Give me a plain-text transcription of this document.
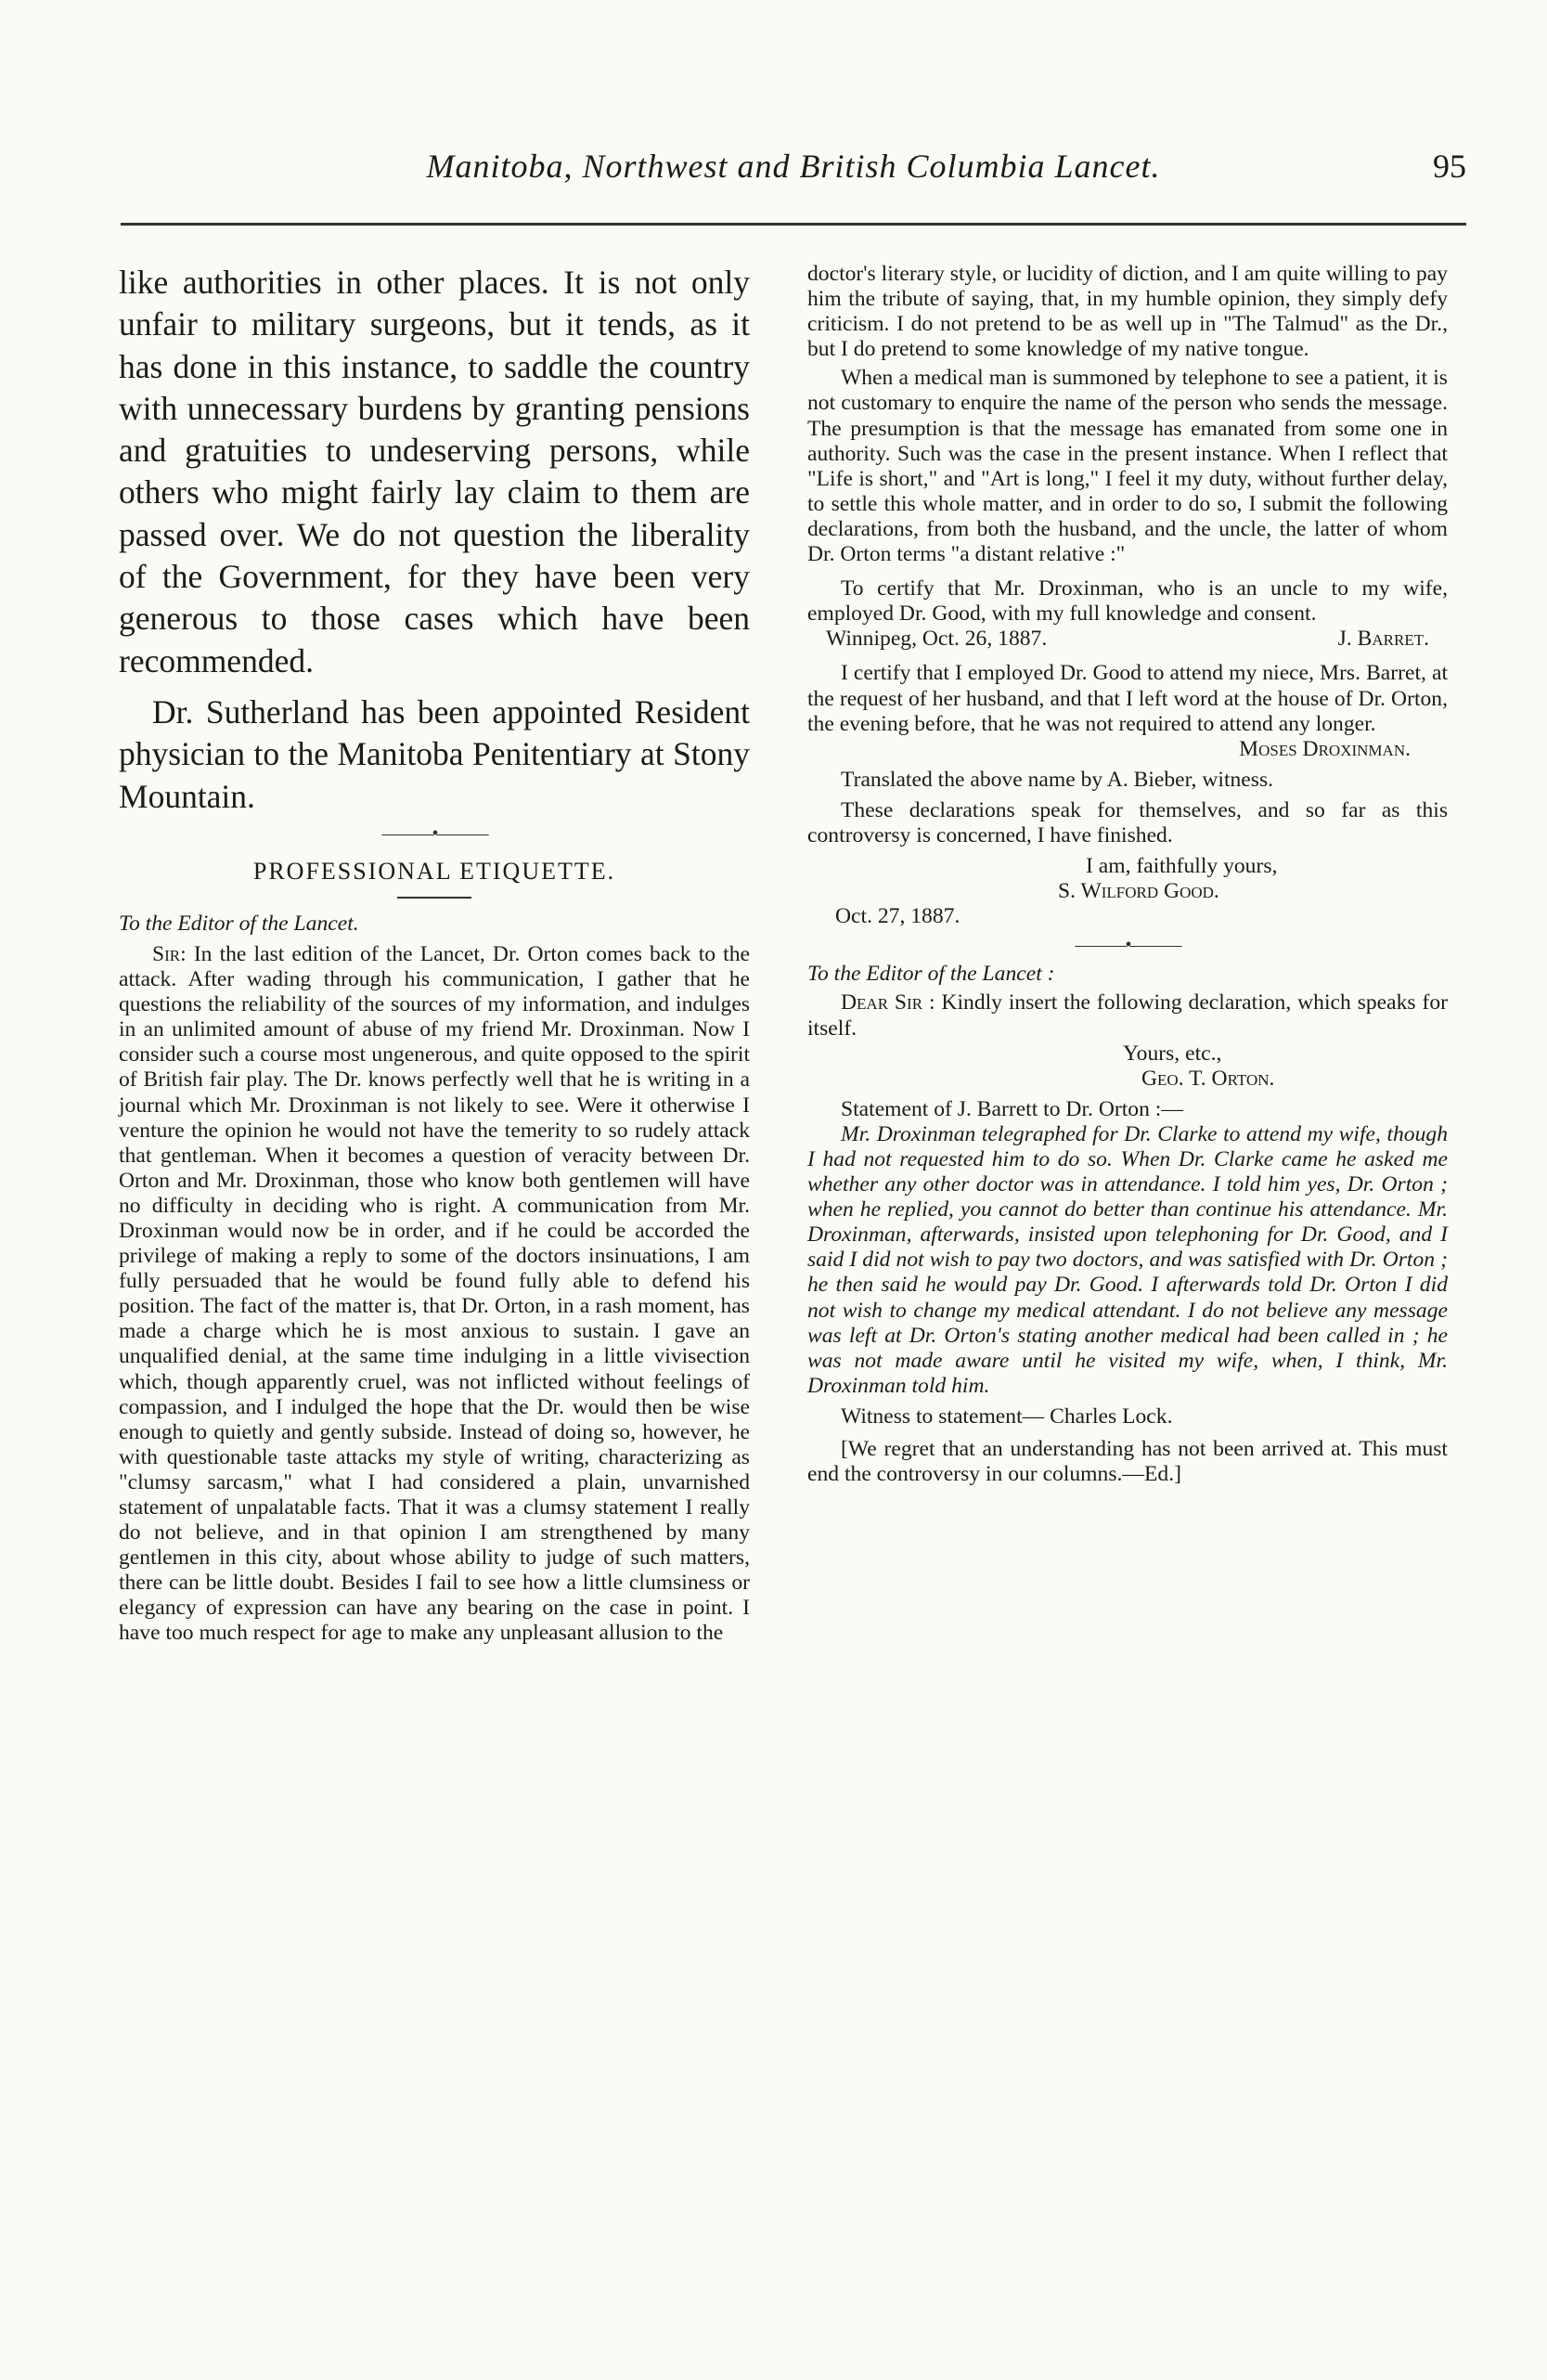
Manitoba, Northwest and British Columbia Lancet.	95

like authorities in other places. It is not only unfair to military surgeons, but it tends, as it has done in this instance, to saddle the country with unnecessary burdens by granting pensions and gratuities to undeserving persons, while others who might fairly lay claim to them are passed over. We do not question the liberality of the Government, for they have been very generous to those cases which have been recommended.

Dr. Sutherland has been appointed Resident physician to the Manitoba Penitentiary at Stony Mountain.

———•———
PROFESSIONAL ETIQUETTE.

To the Editor of the Lancet.

Sir: In the last edition of the Lancet, Dr. Orton comes back to the attack. After wading through his communication, I gather that he questions the reliability of the sources of my information, and indulges in an unlimited amount of abuse of my friend Mr. Droxinman. Now I consider such a course most ungenerous, and quite opposed to the spirit of British fair play. The Dr. knows perfectly well that he is writing in a journal which Mr. Droxinman is not likely to see. Were it otherwise I venture the opinion he would not have the temerity to so rudely attack that gentleman. When it becomes a question of veracity between Dr. Orton and Mr. Droxinman, those who know both gentlemen will have no difficulty in deciding who is right. A communication from Mr. Droxinman would now be in order, and if he could be accorded the privilege of making a reply to some of the doctors insinuations, I am fully persuaded that he would be found fully able to defend his position. The fact of the matter is, that Dr. Orton, in a rash moment, has made a charge which he is most anxious to sustain. I gave an unqualified denial, at the same time indulging in a little vivisection which, though apparently cruel, was not inflicted without feelings of compassion, and I indulged the hope that the Dr. would then be wise enough to quietly and gently subside. Instead of doing so, however, he with questionable taste attacks my style of writing, characterizing as "clumsy sarcasm," what I had considered a plain, unvarnished statement of unpalatable facts. That it was a clumsy statement I really do not believe, and in that opinion I am strengthened by many gentlemen in this city, about whose ability to judge of such matters, there can be little doubt. Besides I fail to see how a little clumsiness or elegancy of expression can have any bearing on the case in point. I have too much respect for age to make any unpleasant allusion to the

doctor's literary style, or lucidity of diction, and I am quite willing to pay him the tribute of saying, that, in my humble opinion, they simply defy criticism. I do not pretend to be as well up in "The Talmud" as the Dr., but I do pretend to some knowledge of my native tongue.

When a medical man is summoned by telephone to see a patient, it is not customary to enquire the name of the person who sends the message. The presumption is that the message has emanated from some one in authority. Such was the case in the present instance. When I reflect that "Life is short," and "Art is long," I feel it my duty, without further delay, to settle this whole matter, and in order to do so, I submit the following declarations, from both the husband, and the uncle, the latter of whom Dr. Orton terms "a distant relative :"

To certify that Mr. Droxinman, who is an uncle to my wife, employed Dr. Good, with my full knowledge and consent.

Winnipeg, Oct. 26, 1887.	J. Barret.

I certify that I employed Dr. Good to attend my niece, Mrs. Barret, at the request of her husband, and that I left word at the house of Dr. Orton, the evening before, that he was not required to attend any longer.

Moses Droxinman.

Translated the above name by A. Bieber, witness.

These declarations speak for themselves, and so far as this controversy is concerned, I have finished.

I am, faithfully yours,

S. Wilford Good.

Oct. 27, 1887.

———•———

To the Editor of the Lancet :

Dear Sir : Kindly insert the following declaration, which speaks for itself.

Yours, etc.,

Geo. T. Orton.

Statement of J. Barrett to Dr. Orton :—

Mr. Droxinman telegraphed for Dr. Clarke to attend my wife, though I had not requested him to do so. When Dr. Clarke came he asked me whether any other doctor was in attendance. I told him yes, Dr. Orton ; when he replied, you cannot do better than continue his attendance. Mr. Droxinman, afterwards, insisted upon telephoning for Dr. Good, and I said I did not wish to pay two doctors, and was satisfied with Dr. Orton ; he then said he would pay Dr. Good. I afterwards told Dr. Orton I did not wish to change my medical attendant. I do not believe any message was left at Dr. Orton's stating another medical had been called in ; he was not made aware until he visited my wife, when, I think, Mr. Droxinman told him.

Witness to statement— Charles Lock.

[We regret that an understanding has not been arrived at. This must end the controversy in our columns.—Ed.]
